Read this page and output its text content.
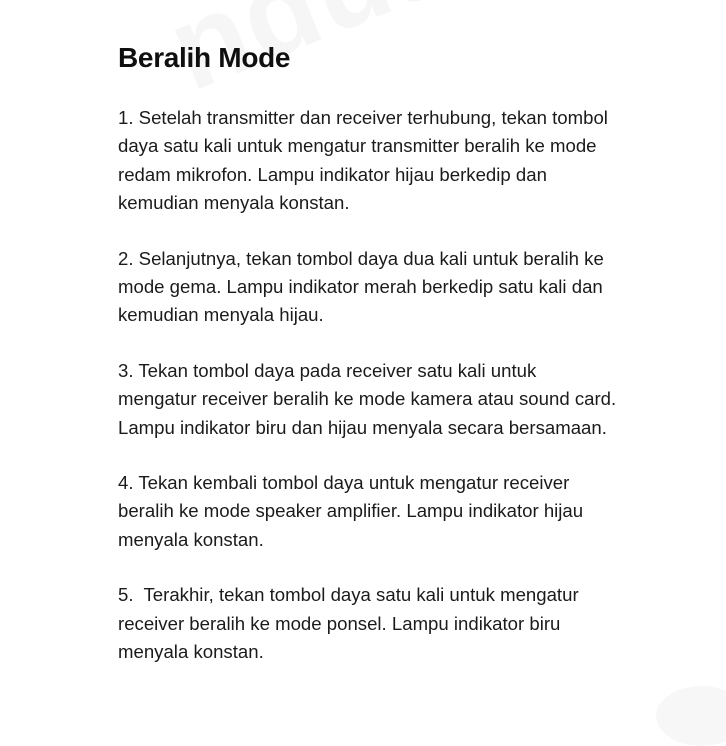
Beralih Mode

1. Setelah transmitter dan receiver terhubung, tekan tombol daya satu kali untuk mengatur transmitter beralih ke mode redam mikrofon. Lampu indikator hijau berkedip dan kemudian menyala konstan.

2. Selanjutnya, tekan tombol daya dua kali untuk beralih ke mode gema. Lampu indikator merah berkedip satu kali dan kemudian menyala hijau.

3. Tekan tombol daya pada receiver satu kali untuk mengatur receiver beralih ke mode kamera atau sound card. Lampu indikator biru dan hijau menyala secara bersamaan.

4. Tekan kembali tombol daya untuk mengatur receiver beralih ke mode speaker amplifier. Lampu indikator hijau menyala konstan.

5.  Terakhir, tekan tombol daya satu kali untuk mengatur receiver beralih ke mode ponsel. Lampu indikator biru menyala konstan.
